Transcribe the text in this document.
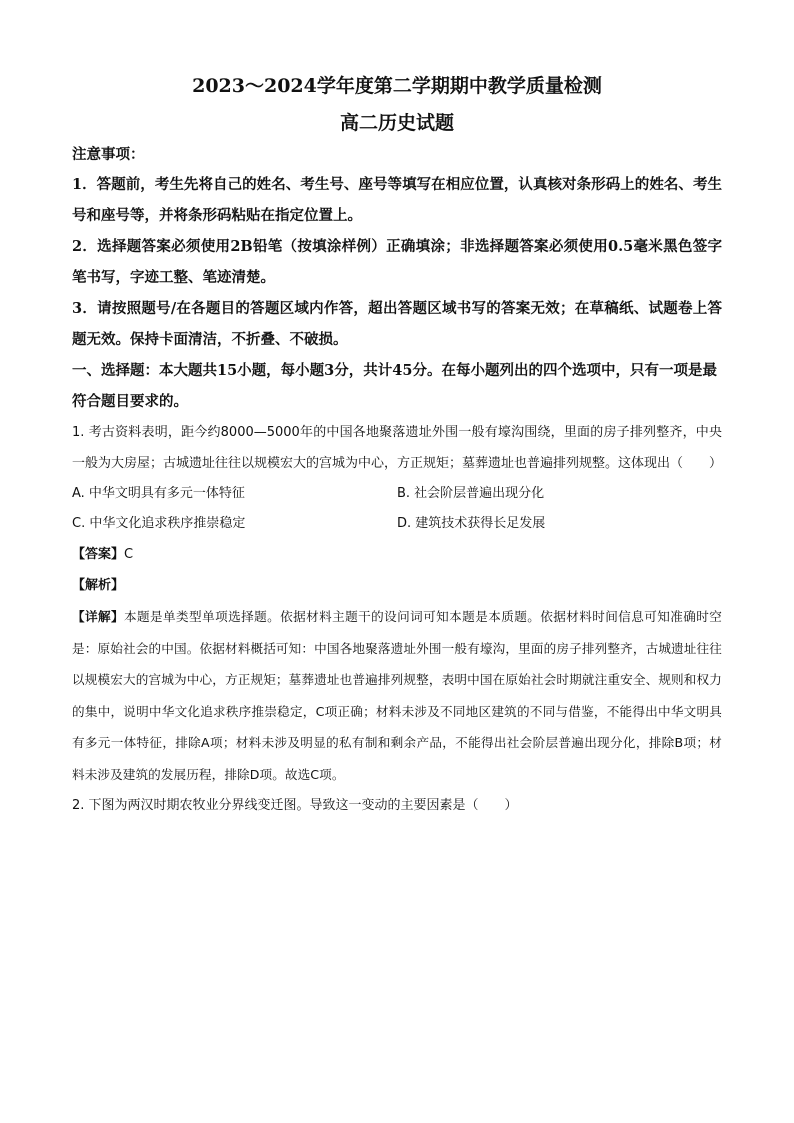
2023～2024学年度第二学期期中教学质量检测
高二历史试题

注意事项：

1．答题前，考生先将自己的姓名、考生号、座号等填写在相应位置，认真核对条形码上的姓名、考生号和座号等，并将条形码粘贴在指定位置上。

2．选择题答案必须使用2B铅笔（按填涂样例）正确填涂；非选择题答案必须使用0.5毫米黑色签字笔书写，字迹工整、笔迹清楚。

3．请按照题号/在各题目的答题区域内作答，超出答题区域书写的答案无效；在草稿纸、试题卷上答题无效。保持卡面清洁，不折叠、不破损。

一、选择题：本大题共15小题，每小题3分，共计45分。在每小题列出的四个选项中，只有一项是最符合题目要求的。

1. 考古资料表明，距今约8000—5000年的中国各地聚落遗址外围一般有壕沟围绕，里面的房子排列整齐，中央一般为大房屋；古城遗址往往以规模宏大的宫城为中心，方正规矩；墓葬遗址也普遍排列规整。这体现出（　　）

A. 中华文明具有多元一体特征	B. 社会阶层普遍出现分化
C. 中华文化追求秩序推崇稳定	D. 建筑技术获得长足发展

【答案】C

【解析】

【详解】本题是单类型单项选择题。依据材料主题干的设问词可知本题是本质题。依据材料时间信息可知准确时空是：原始社会的中国。依据材料概括可知：中国各地聚落遗址外围一般有壕沟，里面的房子排列整齐，古城遗址往往以规模宏大的宫城为中心，方正规矩；墓葬遗址也普遍排列规整，表明中国在原始社会时期就注重安全、规则和权力的集中，说明中华文化追求秩序推崇稳定，C项正确；材料未涉及不同地区建筑的不同与借鉴，不能得出中华文明具有多元一体特征，排除A项；材料未涉及明显的私有制和剩余产品，不能得出社会阶层普遍出现分化，排除B项；材料未涉及建筑的发展历程，排除D项。故选C项。

2. 下图为两汉时期农牧业分界线变迁图。导致这一变动的主要因素是（　　）
